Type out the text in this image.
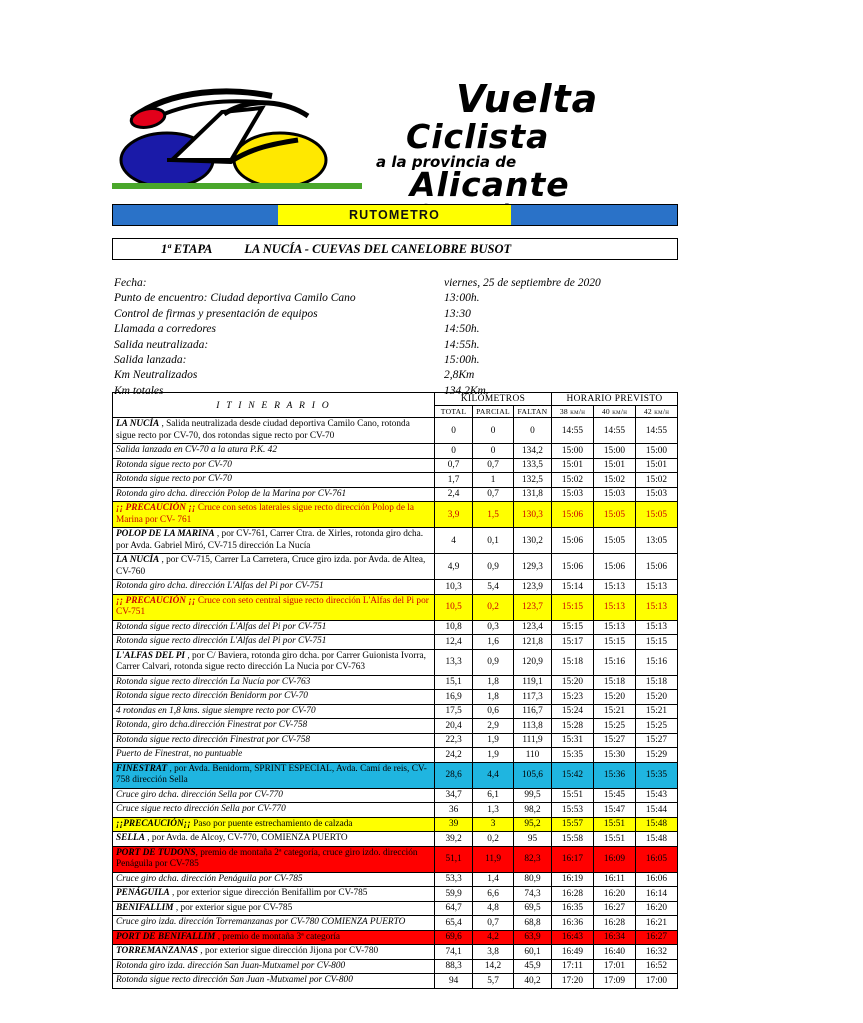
Vuelta
Ciclista
a la provincia de
Alicante
RUTOMETRO
1ª ETAPA	LA NUCÍA - CUEVAS DEL CANELOBRE BUSOT
Fecha:	viernes, 25 de septiembre de 2020
Punto de encuentro: Ciudad deportiva Camilo Cano	13:00h.
Control de firmas y presentación de equipos	13:30
Llamada a corredores	14:50h.
Salida neutralizada:	14:55h.
Salida lanzada:	15:00h.
Km Neutralizados	2,8Km
Km totales	134,2Km.
I T I N E R A R I O	KILÓMETROS			HORARIO PREVISTO		
	TOTAL	PARCIAL	FALTAN	38 km/h	40 km/h	42 km/h
LA NUCÍA , Salida neutralizada desde ciudad deportiva Camilo Cano, rotonda sigue recto por CV-70, dos rotondas sigue recto por CV-70	0	0	0	14:55	14:55	14:55
Salida lanzada en CV-70 a la atura P.K. 42	0	0	134,2	15:00	15:00	15:00
Rotonda sigue recto por CV-70	0,7	0,7	133,5	15:01	15:01	15:01
Rotonda sigue recto por CV-70	1,7	1	132,5	15:02	15:02	15:02
Rotonda giro dcha. dirección Polop de la Marina por CV-761	2,4	0,7	131,8	15:03	15:03	15:03
¡¡ PRECAUCIÓN ¡¡ Cruce con setos laterales sigue recto dirección Polop de la Marina por CV- 761	3,9	1,5	130,3	15:06	15:05	15:05
POLOP DE LA MARINA , por CV-761, Carrer Ctra. de Xirles, rotonda giro dcha. por Avda. Gabriel Miró, CV-715 dirección La Nucía	4	0,1	130,2	15:06	15:05	13:05
LA NUCÍA , por CV-715, Carrer La Carretera, Cruce giro izda. por Avda. de Altea, CV-760	4,9	0,9	129,3	15:06	15:06	15:06
Rotonda giro dcha. dirección L'Alfas del Pi por CV-751	10,3	5,4	123,9	15:14	15:13	15:13
¡¡ PRECAUCIÓN ¡¡ Cruce con seto central sigue recto dirección L'Alfas del Pi por CV-751	10,5	0,2	123,7	15:15	15:13	15:13
Rotonda sigue recto dirección L'Alfas del Pi por CV-751	10,8	0,3	123,4	15:15	15:13	15:13
Rotonda sigue recto dirección L'Alfas del Pi por CV-751	12,4	1,6	121,8	15:17	15:15	15:15
L'ALFAS DEL PI , por C/ Baviera, rotonda giro dcha. por Carrer Guionista Ivorra, Carrer Calvari, rotonda sigue recto dirección La Nucia por CV-763	13,3	0,9	120,9	15:18	15:16	15:16
Rotonda sigue recto dirección La Nucía por CV-763	15,1	1,8	119,1	15:20	15:18	15:18
Rotonda sigue recto dirección Benidorm por CV-70	16,9	1,8	117,3	15:23	15:20	15:20
4 rotondas en 1,8 kms. sigue siempre recto por CV-70	17,5	0,6	116,7	15:24	15:21	15:21
Rotonda, giro dcha.dirección Finestrat por CV-758	20,4	2,9	113,8	15:28	15:25	15:25
Rotonda sigue recto dirección Finestrat por CV-758	22,3	1,9	111,9	15:31	15:27	15:27
Puerto de Finestrat, no puntuable	24,2	1,9	110	15:35	15:30	15:29
FINESTRAT , por Avda. Benidorm, SPRINT ESPECIAL, Avda. Camí de reis, CV-758 dirección Sella	28,6	4,4	105,6	15:42	15:36	15:35
Cruce giro dcha. dirección Sella por CV-770	34,7	6,1	99,5	15:51	15:45	15:43
Cruce sigue recto dirección Sella por CV-770	36	1,3	98,2	15:53	15:47	15:44
¡¡PRECAUCIÓN¡¡ Paso por puente estrechamiento de calzada	39	3	95,2	15:57	15:51	15:48
SELLA , por Avda. de Alcoy, CV-770, COMIENZA PUERTO	39,2	0,2	95	15:58	15:51	15:48
PORT DE TUDONS, premio de montaña 2ª categoría, cruce giro izdo. dirección Penáguila por CV-785	51,1	11,9	82,3	16:17	16:09	16:05
Cruce giro dcha. dirección Penáguila por CV-785	53,3	1,4	80,9	16:19	16:11	16:06
PENÁGUILA , por exterior sigue dirección Benifallim por CV-785	59,9	6,6	74,3	16:28	16:20	16:14
BENIFALLIM , por exterior sigue por CV-785	64,7	4,8	69,5	16:35	16:27	16:20
Cruce giro izda. dirección Torremanzanas por CV-780 COMIENZA PUERTO	65,4	0,7	68,8	16:36	16:28	16:21
PORT DE BENIFALLIM , premio de montaña 3ª categoría	69,6	4,2	63,9	16:43	16:34	16:27
TORREMANZANAS , por exterior sigue dirección Jijona por CV-780	74,1	3,8	60,1	16:49	16:40	16:32
Rotonda giro izda. dirección San Juan-Mutxamel por CV-800	88,3	14,2	45,9	17:11	17:01	16:52
Rotonda sigue recto dirección San Juan -Mutxamel por CV-800	94	5,7	40,2	17:20	17:09	17:00
